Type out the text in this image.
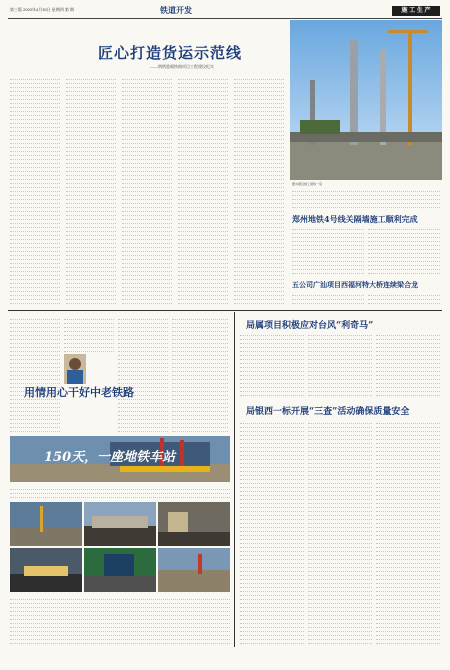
第三版 2020年4月30日 星期四 第 期	铁道开发	施 工 生 产
匠心打造货运示范线
——荆荆重载铁路项目工程建设纪实
图为项目施工现场一景
郑州地铁4号线关隔墙施工顺利完成
五公司广汕项目西福河特大桥连续梁合龙
用情用心干好中老铁路
局属项目积极应对台风“利奇马”
局银西一标开展“三查”活动确保质量安全
150天，一座地铁车站
